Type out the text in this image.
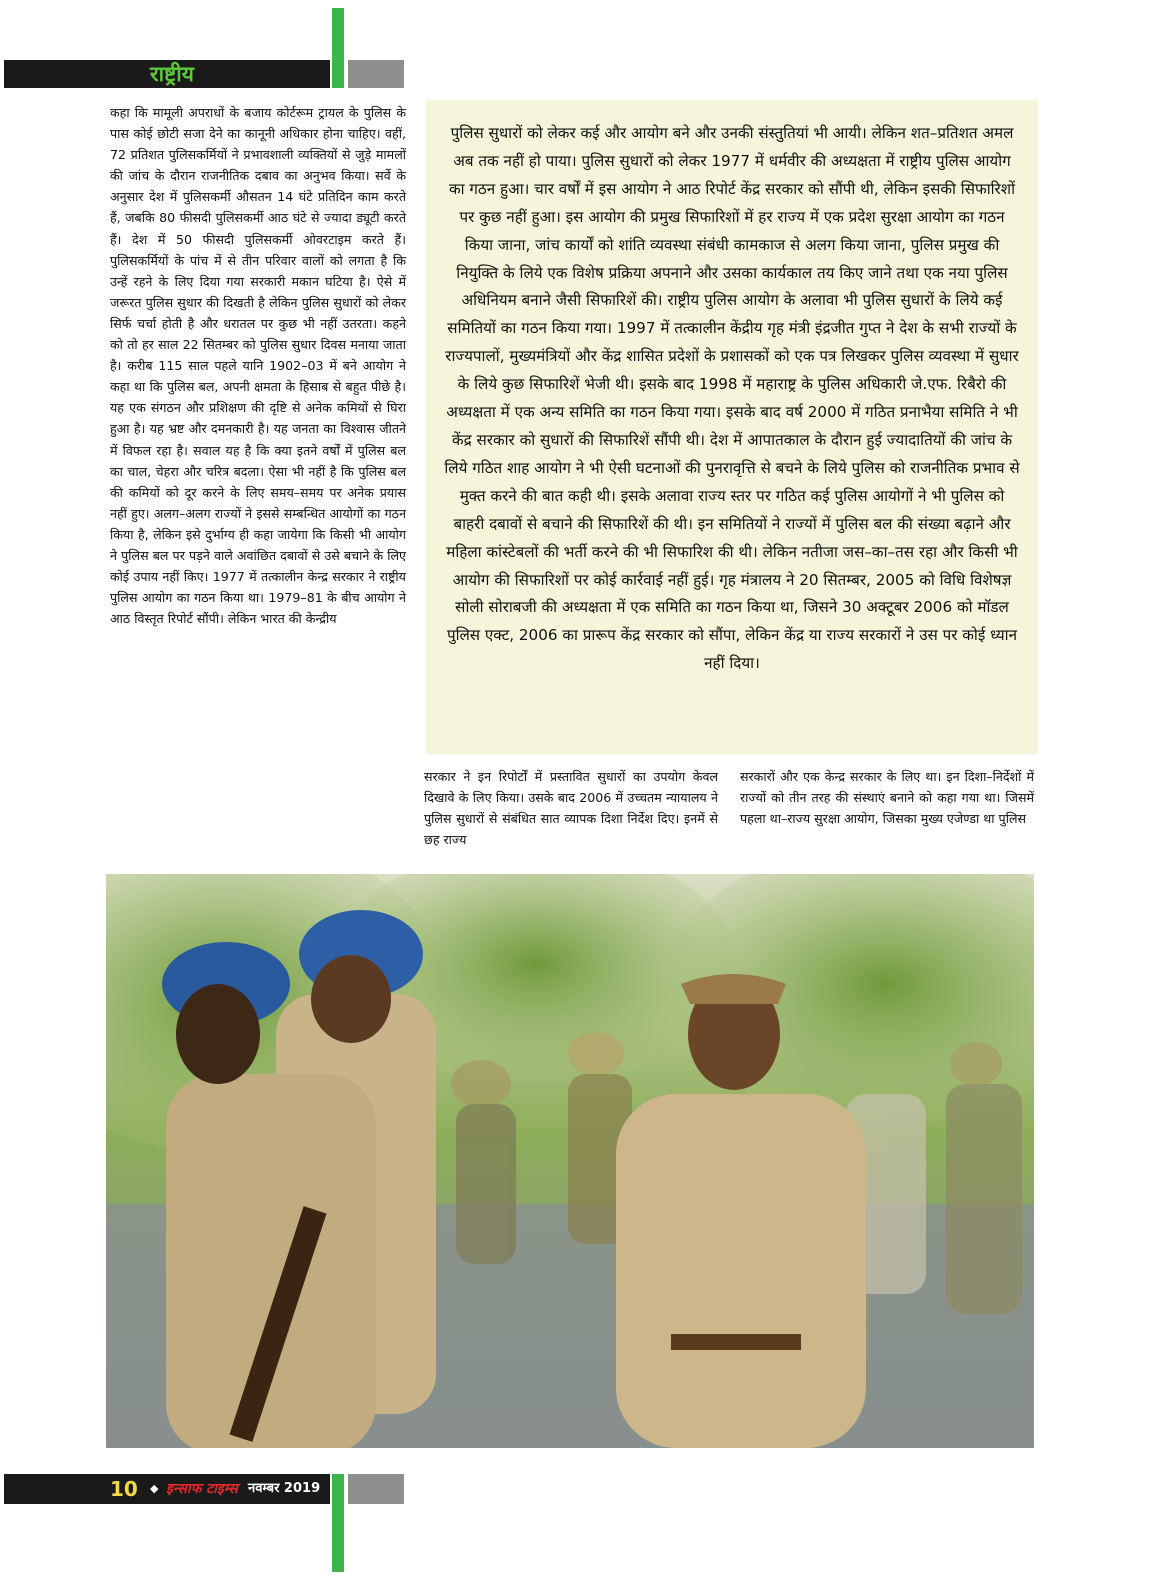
राष्ट्रीय

कहा कि मामूली अपराधों के बजाय कोर्टरूम ट्रायल के पुलिस के पास कोई छोटी सजा देने का कानूनी अधिकार होना चाहिए। वहीं, 72 प्रतिशत पुलिसकर्मियों ने प्रभावशाली व्यक्तियों से जुड़े मामलों की जांच के दौरान राजनीतिक दबाव का अनुभव किया। सर्वे के अनुसार देश में पुलिसकर्मी औसतन 14 घंटे प्रतिदिन काम करते हैं, जबकि 80 फीसदी पुलिसकर्मी आठ घंटे से ज्यादा ड्यूटी करते हैं। देश में 50 फीसदी पुलिसकर्मी ओवरटाइम करते हैं। पुलिसकर्मियों के पांच में से तीन परिवार वालों को लगता है कि उन्हें रहने के लिए दिया गया सरकारी मकान घटिया है। ऐसे में जरूरत पुलिस सुधार की दिखती है लेकिन पुलिस सुधारों को लेकर सिर्फ चर्चा होती है और धरातल पर कुछ भी नहीं उतरता। कहने को तो हर साल 22 सितम्बर को पुलिस सुधार दिवस मनाया जाता है। करीब 115 साल पहले यानि 1902–03 में बने आयोग ने कहा था कि पुलिस बल, अपनी क्षमता के हिसाब से बहुत पीछे है। यह एक संगठन और प्रशिक्षण की दृष्टि से अनेक कमियों से घिरा हुआ है। यह भ्रष्ट और दमनकारी है। यह जनता का विश्वास जीतने में विफल रहा है। सवाल यह है कि क्या इतने वर्षों में पुलिस बल का चाल, चेहरा और चरित्र बदला। ऐसा भी नहीं है कि पुलिस बल की कमियों को दूर करने के लिए समय–समय पर अनेक प्रयास नहीं हुए। अलग–अलग राज्यों ने इससे सम्बन्धित आयोगों का गठन किया है, लेकिन इसे दुर्भाग्य ही कहा जायेगा कि किसी भी आयोग ने पुलिस बल पर पड़ने वाले अवांछित दबावों से उसे बचाने के लिए कोई उपाय नहीं किए। 1977 में तत्कालीन केन्द्र सरकार ने राष्ट्रीय पुलिस आयोग का गठन किया था। 1979–81 के बीच आयोग ने आठ विस्तृत रिपोर्ट सौंपी। लेकिन भारत की केन्द्रीय

पुलिस सुधारों को लेकर कई और आयोग बने और उनकी संस्तुतियां भी आयी। लेकिन शत–प्रतिशत अमल अब तक नहीं हो पाया। पुलिस सुधारों को लेकर 1977 में धर्मवीर की अध्यक्षता में राष्ट्रीय पुलिस आयोग का गठन हुआ। चार वर्षों में इस आयोग ने आठ रिपोर्ट केंद्र सरकार को सौंपी थी, लेकिन इसकी सिफारिशों पर कुछ नहीं हुआ। इस आयोग की प्रमुख सिफारिशों में हर राज्य में एक प्रदेश सुरक्षा आयोग का गठन किया जाना, जांच कार्यों को शांति व्यवस्था संबंधी कामकाज से अलग किया जाना, पुलिस प्रमुख की नियुक्ति के लिये एक विशेष प्रक्रिया अपनाने और उसका कार्यकाल तय किए जाने तथा एक नया पुलिस अधिनियम बनाने जैसी सिफारिशें की। राष्ट्रीय पुलिस आयोग के अलावा भी पुलिस सुधारों के लिये कई समितियों का गठन किया गया। 1997 में तत्कालीन केंद्रीय गृह मंत्री इंद्रजीत गुप्त ने देश के सभी राज्यों के राज्यपालों, मुख्यमंत्रियों और केंद्र शासित प्रदेशों के प्रशासकों को एक पत्र लिखकर पुलिस व्यवस्था में सुधार के लिये कुछ सिफारिशें भेजी थी। इसके बाद 1998 में महाराष्ट्र के पुलिस अधिकारी जे.एफ. रिबैरो की अध्यक्षता में एक अन्य समिति का गठन किया गया। इसके बाद वर्ष 2000 में गठित प्रनाभैया समिति ने भी केंद्र सरकार को सुधारों की सिफारिशें सौंपी थी। देश में आपातकाल के दौरान हुई ज्यादातियों की जांच के लिये गठित शाह आयोग ने भी ऐसी घटनाओं की पुनरावृत्ति से बचने के लिये पुलिस को राजनीतिक प्रभाव से मुक्त करने की बात कही थी। इसके अलावा राज्य स्तर पर गठित कई पुलिस आयोगों ने भी पुलिस को बाहरी दबावों से बचाने की सिफारिशें की थी। इन समितियों ने राज्यों में पुलिस बल की संख्या बढ़ाने और महिला कांस्टेबलों की भर्ती करने की भी सिफारिश की थी। लेकिन नतीजा जस–का–तस रहा और किसी भी आयोग की सिफारिशों पर कोई कार्रवाई नहीं हुई। गृह मंत्रालय ने 20 सितम्बर, 2005 को विधि विशेषज्ञ सोली सोराबजी की अध्यक्षता में एक समिति का गठन किया था, जिसने 30 अक्टूबर 2006 को मॉडल पुलिस एक्ट, 2006 का प्रारूप केंद्र सरकार को सौंपा, लेकिन केंद्र या राज्य सरकारों ने उस पर कोई ध्यान नहीं दिया।

सरकार ने इन रिपोर्टों में प्रस्तावित सुधारों का उपयोग केवल दिखावे के लिए किया। उसके बाद 2006 में उच्चतम न्यायालय ने पुलिस सुधारों से संबंधित सात व्यापक दिशा निर्देश दिए। इनमें से छह राज्य

सरकारों और एक केन्द्र सरकार के लिए था। इन दिशा–निर्देशों में राज्यों को तीन तरह की संस्थाएं बनाने को कहा गया था। जिसमें पहला था–राज्य सुरक्षा आयोग, जिसका मुख्य एजेण्डा था पुलिस

10 ◆ इन्साफ टाइम्स नवम्बर 2019
